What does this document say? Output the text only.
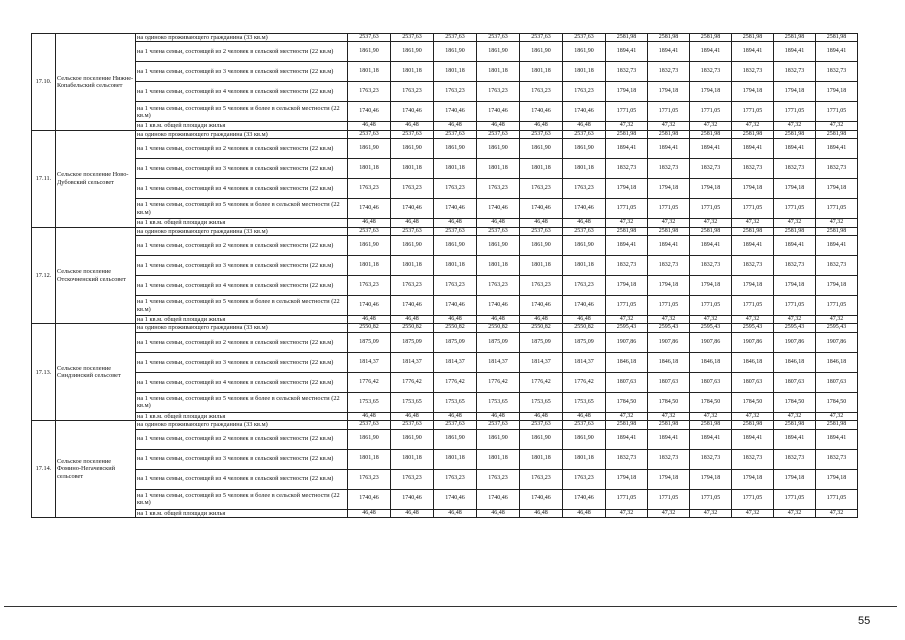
17.10.	Сельское поселение Нижне-Копабельский сельсовет	на одиноко проживающего гражданина (33 кв.м)	2537,63	2537,63	2537,63	2537,63	2537,63	2537,63	2581,98	2581,98	2581,98	2581,98	2581,98	2581,98
		на 1 члена семьи, состоящей из 2 человек в сельской местности (22 кв.м)	1861,90	1861,90	1861,90	1861,90	1861,90	1861,90	1894,41	1894,41	1894,41	1894,41	1894,41	1894,41
		на 1 члена семьи, состоящей из 3 человек в сельской местности (22 кв.м)	1801,18	1801,18	1801,18	1801,18	1801,18	1801,18	1832,73	1832,73	1832,73	1832,73	1832,73	1832,73
		на 1 члена семьи, состоящей из 4 человек в сельской местности (22 кв.м)	1763,23	1763,23	1763,23	1763,23	1763,23	1763,23	1794,18	1794,18	1794,18	1794,18	1794,18	1794,18
		на 1 члена семьи, состоящей из 5 человек и более в сельской местности (22 кв.м)	1740,46	1740,46	1740,46	1740,46	1740,46	1740,46	1771,05	1771,05	1771,05	1771,05	1771,05	1771,05
		на 1 кв.м. общей площади жилья	46,48	46,48	46,48	46,48	46,48	46,48	47,32	47,32	47,32	47,32	47,32	47,32
17.11.	Сельское поселение Ново-Дубовский сельсовет	на одиноко проживающего гражданина (33 кв.м)	2537,63	2537,63	2537,63	2537,63	2537,63	2537,63	2581,98	2581,98	2581,98	2581,98	2581,98	2581,98
		на 1 члена семьи, состоящей из 2 человек в сельской местности (22 кв.м)	1861,90	1861,90	1861,90	1861,90	1861,90	1861,90	1894,41	1894,41	1894,41	1894,41	1894,41	1894,41
		на 1 члена семьи, состоящей из 3 человек в сельской местности (22 кв.м)	1801,18	1801,18	1801,18	1801,18	1801,18	1801,18	1832,73	1832,73	1832,73	1832,73	1832,73	1832,73
		на 1 члена семьи, состоящей из 4 человек в сельской местности (22 кв.м)	1763,23	1763,23	1763,23	1763,23	1763,23	1763,23	1794,18	1794,18	1794,18	1794,18	1794,18	1794,18
		на 1 члена семьи, состоящей из 5 человек и более в сельской местности (22 кв.м)	1740,46	1740,46	1740,46	1740,46	1740,46	1740,46	1771,05	1771,05	1771,05	1771,05	1771,05	1771,05
		на 1 кв.м. общей площади жилья	46,48	46,48	46,48	46,48	46,48	46,48	47,32	47,32	47,32	47,32	47,32	47,32
17.12.	Сельское поселение Отскочненский сельсовет	на одиноко проживающего гражданина (33 кв.м)	2537,63	2537,63	2537,63	2537,63	2537,63	2537,63	2581,98	2581,98	2581,98	2581,98	2581,98	2581,98
		на 1 члена семьи, состоящей из 2 человек в сельской местности (22 кв.м)	1861,90	1861,90	1861,90	1861,90	1861,90	1861,90	1894,41	1894,41	1894,41	1894,41	1894,41	1894,41
		на 1 члена семьи, состоящей из 3 человек в сельской местности (22 кв.м)	1801,18	1801,18	1801,18	1801,18	1801,18	1801,18	1832,73	1832,73	1832,73	1832,73	1832,73	1832,73
		на 1 члена семьи, состоящей из 4 человек в сельской местности (22 кв.м)	1763,23	1763,23	1763,23	1763,23	1763,23	1763,23	1794,18	1794,18	1794,18	1794,18	1794,18	1794,18
		на 1 члена семьи, состоящей из 5 человек и более в сельской местности (22 кв.м)	1740,46	1740,46	1740,46	1740,46	1740,46	1740,46	1771,05	1771,05	1771,05	1771,05	1771,05	1771,05
		на 1 кв.м. общей площади жилья	46,48	46,48	46,48	46,48	46,48	46,48	47,32	47,32	47,32	47,32	47,32	47,32
17.13.	Сельское поселение Синдзинский сельсовет	на одиноко проживающего гражданина (33 кв.м)	2550,82	2550,82	2550,82	2550,82	2550,82	2550,82	2595,43	2595,43	2595,43	2595,43	2595,43	2595,43
		на 1 члена семьи, состоящей из 2 человек в сельской местности (22 кв.м)	1875,09	1875,09	1875,09	1875,09	1875,09	1875,09	1907,86	1907,86	1907,86	1907,86	1907,86	1907,86
		на 1 члена семьи, состоящей из 3 человек в сельской местности (22 кв.м)	1814,37	1814,37	1814,37	1814,37	1814,37	1814,37	1846,18	1846,18	1846,18	1846,18	1846,18	1846,18
		на 1 члена семьи, состоящей из 4 человек в сельской местности (22 кв.м)	1776,42	1776,42	1776,42	1776,42	1776,42	1776,42	1807,63	1807,63	1807,63	1807,63	1807,63	1807,63
		на 1 члена семьи, состоящей из 5 человек и более в сельской местности (22 кв.м)	1753,65	1753,65	1753,65	1753,65	1753,65	1753,65	1784,50	1784,50	1784,50	1784,50	1784,50	1784,50
		на 1 кв.м. общей площади жилья	46,48	46,48	46,48	46,48	46,48	46,48	47,32	47,32	47,32	47,32	47,32	47,32
17.14.	Сельское поселение Фомино-Негачевский сельсовет	на одиноко проживающего гражданина (33 кв.м)	2537,63	2537,63	2537,63	2537,63	2537,63	2537,63	2581,98	2581,98	2581,98	2581,98	2581,98	2581,98
		на 1 члена семьи, состоящей из 2 человек в сельской местности (22 кв.м)	1861,90	1861,90	1861,90	1861,90	1861,90	1861,90	1894,41	1894,41	1894,41	1894,41	1894,41	1894,41
		на 1 члена семьи, состоящей из 3 человек в сельской местности (22 кв.м)	1801,18	1801,18	1801,18	1801,18	1801,18	1801,18	1832,73	1832,73	1832,73	1832,73	1832,73	1832,73
		на 1 члена семьи, состоящей из 4 человек в сельской местности (22 кв.м)	1763,23	1763,23	1763,23	1763,23	1763,23	1763,23	1794,18	1794,18	1794,18	1794,18	1794,18	1794,18
		на 1 члена семьи, состоящей из 5 человек и более в сельской местности (22 кв.м)	1740,46	1740,46	1740,46	1740,46	1740,46	1740,46	1771,05	1771,05	1771,05	1771,05	1771,05	1771,05
		на 1 кв.м. общей площади жилья	46,48	46,48	46,48	46,48	46,48	46,48	47,32	47,32	47,32	47,32	47,32	47,32
55
